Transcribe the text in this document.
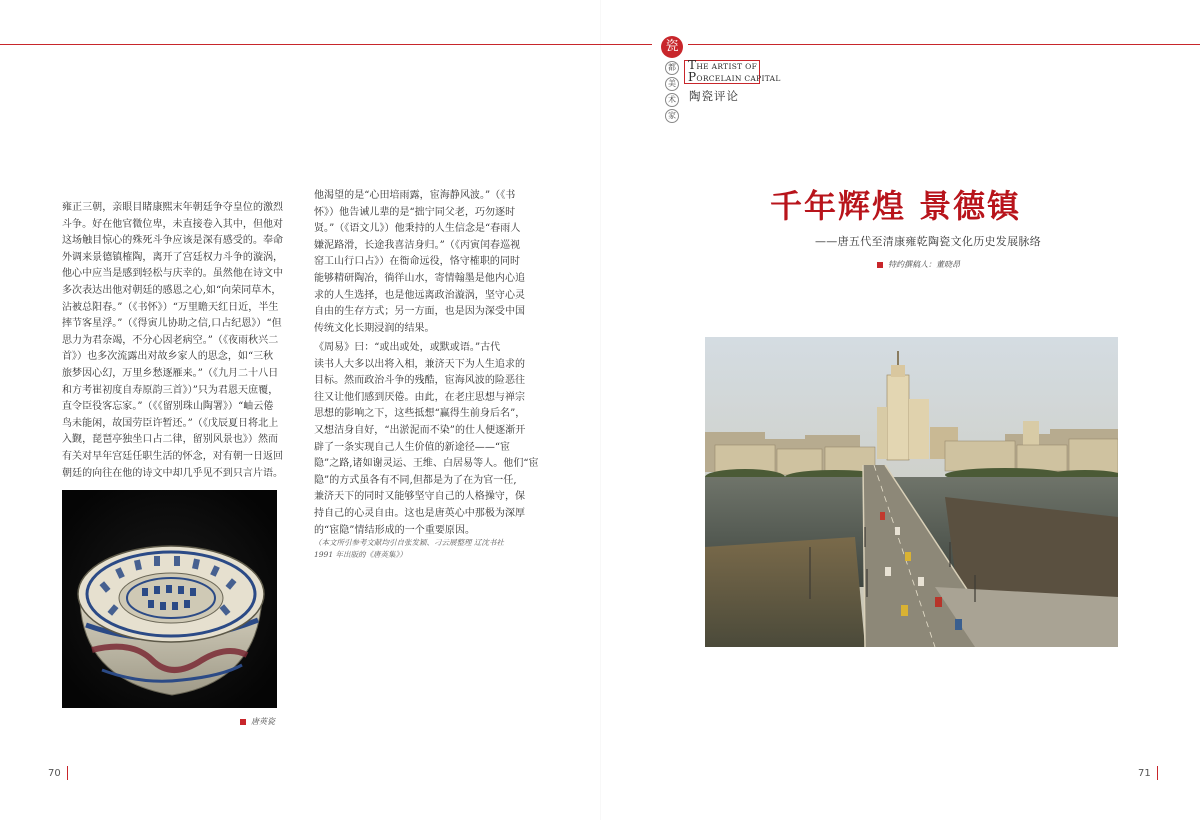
瓷
都
美
术
家
THE ARTIST OF
PORCELAIN CAPITAL
陶瓷评论
雍正三朝，亲眼目睹康熙末年朝廷争夺皇位的激烈
斗争。好在他官微位卑，未直接卷入其中，但他对
这场触目惊心的殊死斗争应该是深有感受的。奉命
外调来景德镇榷陶，离开了宫廷权力斗争的漩涡，
他心中应当是感到轻松与庆幸的。虽然他在诗文中
多次表达出他对朝廷的感恩之心,如“向荣同草木，
沾被总阳春。”（《书怀》）“万里瞻天红日近，半生
摔节客星浮。”（《得寅儿协助之信,口占纪恩》）“但
思力为君奈竭，不分心因老病空。”（《夜雨秋兴二
首》）也多次流露出对故乡家人的思念，如“三秋
旅梦因心幻，万里乡愁逐雁来。”（《九月二十八日
和方考崔初度自寿原韵三首》）”只为君恩天庶覆，
直令臣役客忘家。”（《《留别珠山陶署》）“岫云倦
鸟未能闲，故国劳臣许暂还。”（《戊辰夏日将北上
入觐，琵琶亭独坐口占二律，留别风景也》）然而
有关对早年宫廷任职生活的怀念，对有朝一日返回
朝廷的向往在他的诗文中却几乎见不到只言片语。
他渴望的是“心田培雨露，宦海静风波。”（《书
怀》）他告诫儿辈的是“拙宁同父老，巧勿逐时
贤。”（《语文儿》）他秉持的人生信念是“春雨人
嫌泥路滑，长途我喜洁身归。”（《丙寅闰春巡视
窑工山行口占》）在衙命远役，恪守榷职的同时
能够精研陶冶，徜徉山水，寄情翰墨是他内心追
求的人生选择，也是他远离政治漩涡，坚守心灵
自由的生存方式；另一方面，也是因为深受中国
传统文化长期浸润的结果。
《周易》曰：“或出或处，或默或语。”古代
读书人大多以出将入相，兼济天下为人生追求的
目标。然而政治斗争的残酷，宦海风波的险恶往
往又让他们感到厌倦。由此，在老庄思想与禅宗
思想的影响之下，这些抵想“赢得生前身后名”，
又想洁身自好，“出淤泥而不染”的仕人便逐渐开
辟了一条实现自己人生价值的新途径——“宦
隐”之路,诸如谢灵运、王维、白居易等人。他们“宦
隐”的方式虽各有不同,但都是为了在为官一任,
兼济天下的同时又能够坚守自己的人格操守，保
持自己的心灵自由。这也是唐英心中那极为深厚
的“宦隐”情结形成的一个重要原因。
（本文所引参考文献均引自张发颖、刁云展整理 辽沈书社
1991 年出版的《唐英集》）
唐英瓷
千年辉煌 景德镇
——唐五代至清康雍乾陶瓷文化历史发展脉络
特约撰稿人：董晓昂
70	71
